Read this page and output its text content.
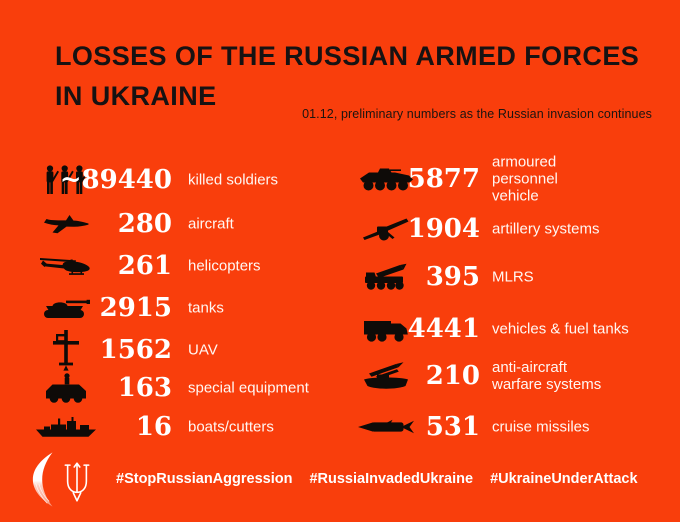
LOSSES OF THE RUSSIAN ARMED FORCES
IN UKRAINE
01.12, preliminary numbers as the Russian invasion continues
~89440 killed soldiers
280 aircraft
261 helicopters
2915 tanks
1562 UAV
163 special equipment
16 boats/cutters
5877
armoured personnel vehicle
1904 artillery systems
395 MLRS
4441 vehicles & fuel tanks
210 anti-aircraft warfare systems
531 cruise missiles
#StopRussianAggression #RussiaInvadedUkraine #UkraineUnderAttack
